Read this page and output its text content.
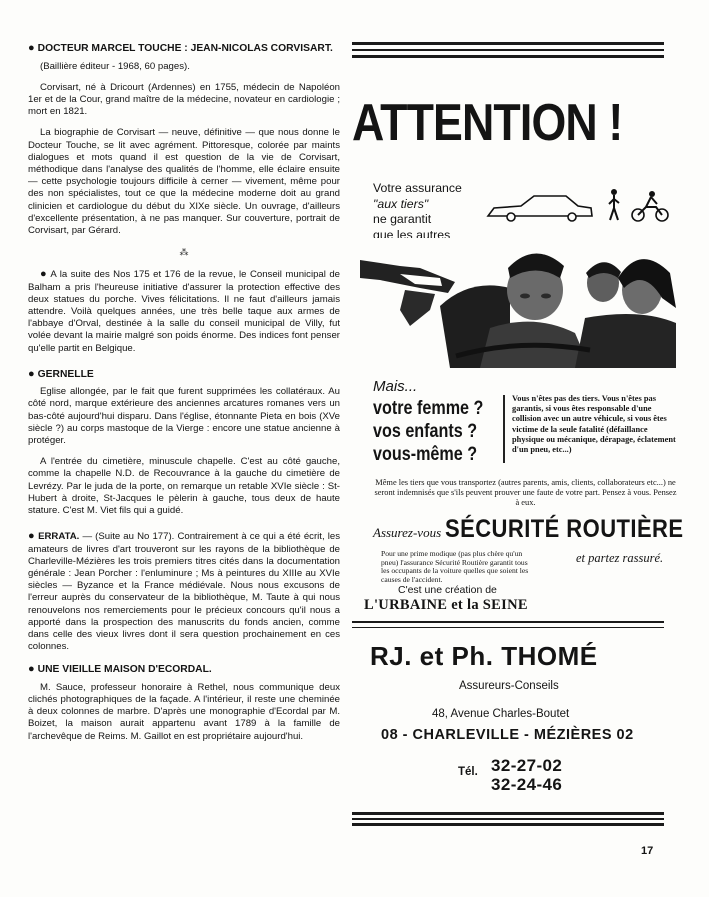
● DOCTEUR MARCEL TOUCHE : JEAN-NICOLAS CORVISART.

(Baillière éditeur - 1968, 60 pages).

Corvisart, né à Dricourt (Ardennes) en 1755, médecin de Napoléon 1er et de la Cour, grand maître de la médecine, novateur en cardiologie ; mort en 1821.

La biographie de Corvisart — neuve, définitive — que nous donne le Docteur Touche, se lit avec agrément. Pittoresque, colorée par maints dialogues et mots quand il est question de la vie de Corvisart, méthodique dans l'analyse des qualités de l'homme, elle éclaire ensuite — cette psychologie toujours difficile à cerner — vivement, même pour des non spécialistes, tout ce que la médecine moderne doit au grand clinicien et cardiologue du début du XIXe siècle. Un ouvrage, d'ailleurs d'excellente présentation, à ne pas manquer. Sur couverture, portrait de Corvisart, par Gérard.

⁂

● A la suite des Nos 175 et 176 de la revue, le Conseil municipal de Balham a pris l'heureuse initiative d'assurer la protection effective des deux statues du porche. Vives félicitations. Il ne faut d'ailleurs jamais attendre. Voilà quelques années, une très belle taque aux armes de l'abbaye d'Orval, destinée à la salle du conseil municipal de Villy, fut volée devant la mairie malgré son poids énorme. Des indices font penser qu'elle partit en Belgique.

● GERNELLE

Eglise allongée, par le fait que furent supprimées les collatéraux. Au côté nord, marque extérieure des anciennes arcatures romanes vers un bas-côté aujourd'hui disparu. Dans l'église, étonnante Pieta en bois (XVe siècle ?) au corps mastoque de la Vierge : encore une statue ancienne à protéger.

A l'entrée du cimetière, minuscule chapelle. C'est au côté gauche, comme la chapelle N.D. de Recouvrance à la gauche du cimetière de Levrézy. Par le juda de la porte, on remarque un retable XVIe siècle : St-Hubert à droite, St-Jacques le pèlerin à gauche, tous deux de haute stature. C'est M. Viet fils qui a guidé.

● ERRATA. — (Suite au No 177). Contrairement à ce qui a été écrit, les amateurs de livres d'art trouveront sur les rayons de la bibliothèque de Charleville-Mézières les trois premiers titres cités dans la documentation générale : Jean Porcher : l'enluminure ; Ms à peintures du XIIIe au XVIe siècles — Byzance et la France médiévale. Nous nous excusons de l'erreur auprès du conservateur de la bibliothèque, M. Taute à qui nous renouvelons nos remerciements pour le précieux concours qu'il nous a apporté dans la prospection des manuscrits du fonds ancien, comme dans celle des vieux livres dont il sera question prochainement en ces colonnes.

● UNE VIEILLE MAISON D'ECORDAL.

M. Sauce, professeur honoraire à Rethel, nous communique deux clichés photographiques de la façade. A l'intérieur, il reste une cheminée à deux colonnes de marbre. D'après une monographie d'Ecordal par M. Boizet, la maison aurait appartenu avant 1789 à la famille de l'archevêque de Reims. M. Gaillot en est propriétaire aujourd'hui.

ATTENTION !
Votre assurance
"aux tiers"
ne garantit
que les autres
Mais...
votre femme ?
vos enfants ?
vous-même ?
Vous n'êtes pas des tiers. Vous n'êtes pas garantis, si vous êtes responsable d'une collision avec un autre véhicule, si vous êtes victime de la seule fatalité (défaillance physique ou mécanique, dérapage, éclatement d'un pneu, etc...)
Même les tiers que vous transportez (autres parents, amis, clients, collaborateurs etc...) ne seront indemnisés que s'ils peuvent prouver une faute de votre part. Pensez à vous. Pensez à eux.
Assurez-vous SÉCURITÉ ROUTIÈRE
et partez rassuré.
Pour une prime modique (pas plus chère qu'un pneu) l'assurance Sécurité Routière garantit tous les occupants de la voiture quelles que soient les causes de l'accident.
C'est une création de
L'URBAINE et la SEINE
RJ. et Ph. THOMÉ
Assureurs-Conseils
48, Avenue Charles-Boutet
08 - CHARLEVILLE - MÉZIÈRES 02
Tél. 32-27-02
32-24-46
17
